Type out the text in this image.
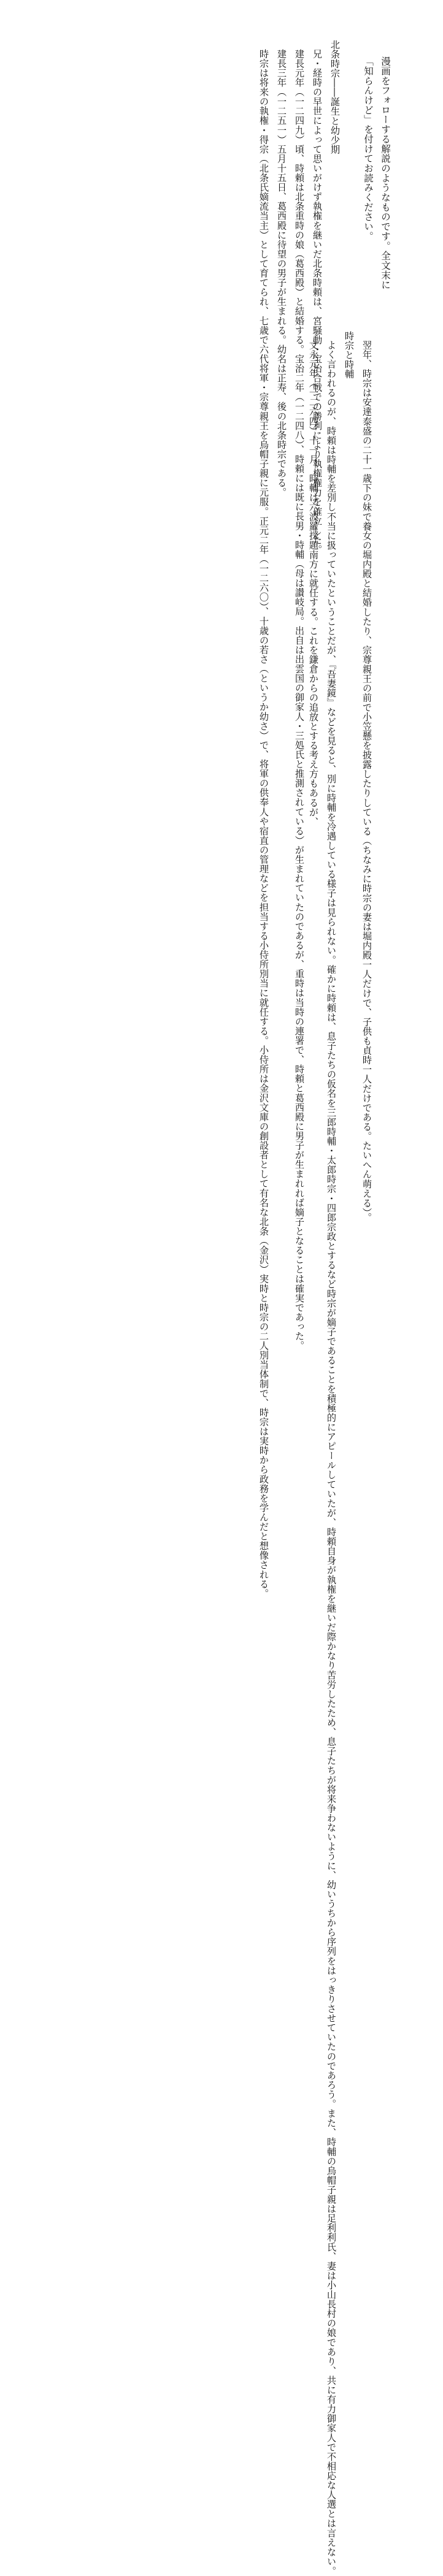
漫画をフォローする解説のようなものです。全文末に

「知らんけど」を付けてお読みください。

北条時宗――誕生と幼少期

兄・経時の早世によって思いがけず執権を継いだ北条時頼は、宮騒動・宝治合戦での勝利により執権権力を確立した。

建長元年（一二四九）頃、時頼は北条重時の娘（葛西殿）と結婚する。宝治二年（一二四八）、時頼には既に長男・時輔（母は讃岐局。出自は出雲国の御家人・三処氏と推測されている）が生まれていたのであるが、重時は当時の連署で、時頼と葛西殿に男子が生まれれば嫡子となることは確実であった。

建長三年（一二五一）五月十五日、葛西殿に待望の男子が生まれる。幼名は正寿、後の北条時宗である。

時宗は将来の執権・得宗（北条氏嫡流当主）として育てられ、七歳で六代将軍・宗尊親王を烏帽子親に元服。正元二年（一二六〇）、十歳の若さ（というか幼さ）で、将軍の供奉人や宿直の管理などを担当する小侍所別当に就任する。小侍所は金沢文庫の創設者として有名な北条（金沢）実時と時宗の二人別当体制で、時宗は実時から政務を学んだと想像される。	翌年、時宗は安達泰盛の二十一歳下の妹で養女の堀内殿と結婚したり、宗尊親王の前で小笠懸を披露したりしている（ちなみに時宗の妻は堀内殿一人だけで、子供も貞時一人だけである。たいへん萌える）。

時宗と時輔

よく言われるのが、時頼は時輔を差別し不当に扱っていたということだが、『吾妻鏡』などを見ると、別に時輔を冷遇している様子は見られない。確かに時頼は、息子たちの仮名を三郎時輔・太郎時宗・四郎宗政とするなど時宗が嫡子であることを積極的にアピールしていたが、時頼自身が執権を継いだ際かなり苦労したため、息子たちが将来争わないように、幼いうちから序列をはっきりさせていたのであろう。また、時輔の烏帽子親は足利利氏、妻は小山長村の娘であり、共に有力御家人で不相応な人選とは言えない。

文永元年（一二六四）十一月、時輔は六波羅探題南方に就任する。これを鎌倉からの追放とする考え方もあるが、
